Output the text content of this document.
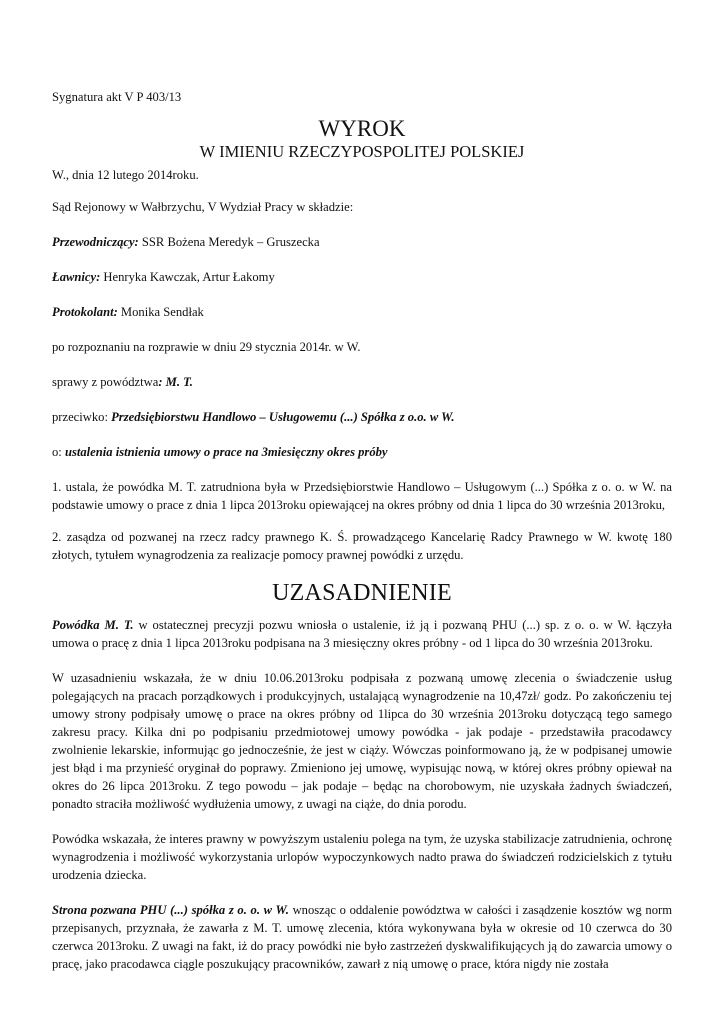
Sygnatura akt V P 403/13

WYROK
W IMIENIU RZECZYPOSPOLITEJ POLSKIEJ

W., dnia 12 lutego 2014roku.

Sąd Rejonowy w Wałbrzychu, V Wydział Pracy w składzie:

Przewodniczący: SSR Bożena Meredyk – Gruszecka

Ławnicy: Henryka Kawczak, Artur Łakomy

Protokolant: Monika Sendłak

po rozpoznaniu na rozprawie w dniu 29 stycznia 2014r. w W.

sprawy z powództwa: M. T.

przeciwko: Przedsiębiorstwu Handlowo – Usługowemu (...) Spółka z o.o. w W.

o: ustalenia istnienia umowy o prace na 3miesięczny okres próby

1. ustala, że powódka M. T. zatrudniona była w Przedsiębiorstwie Handlowo – Usługowym (...) Spółka z o. o. w W. na podstawie umowy o prace z dnia 1 lipca 2013roku opiewającej na okres próbny od dnia 1 lipca do 30 września 2013roku,

2. zasądza od pozwanej na rzecz radcy prawnego K. Ś. prowadzącego Kancelarię Radcy Prawnego w W. kwotę 180 złotych, tytułem wynagrodzenia za realizacje pomocy prawnej powódki z urzędu.

UZASADNIENIE

Powódka M. T. w ostatecznej precyzji pozwu wniosła o ustalenie, iż ją i pozwaną PHU (...) sp. z o. o. w W. łączyła umowa o pracę z dnia 1 lipca 2013roku podpisana na 3 miesięczny okres próbny - od 1 lipca do 30 września 2013roku.

W uzasadnieniu wskazała, że w dniu 10.06.2013roku podpisała z pozwaną umowę zlecenia o świadczenie usług polegających na pracach porządkowych i produkcyjnych, ustalającą wynagrodzenie na 10,47zł/ godz. Po zakończeniu tej umowy strony podpisały umowę o prace na okres próbny od 1lipca do 30 września 2013roku dotyczącą tego samego zakresu pracy. Kilka dni po podpisaniu przedmiotowej umowy powódka - jak podaje - przedstawiła pracodawcy zwolnienie lekarskie, informując go jednocześnie, że jest w ciąży. Wówczas poinformowano ją, że w podpisanej umowie jest błąd i ma przynieść oryginał do poprawy. Zmieniono jej umowę, wypisując nową, w której okres próbny opiewał na okres do 26 lipca 2013roku. Z tego powodu – jak podaje – będąc na chorobowym, nie uzyskała żadnych świadczeń, ponadto straciła możliwość wydłużenia umowy, z uwagi na ciąże, do dnia porodu.

Powódka wskazała, że interes prawny w powyższym ustaleniu polega na tym, że uzyska stabilizacje zatrudnienia, ochronę wynagrodzenia i możliwość wykorzystania urlopów wypoczynkowych nadto prawa do świadczeń rodzicielskich z tytułu urodzenia dziecka.

Strona pozwana PHU (...) spółka z o. o. w W. wnosząc o oddalenie powództwa w całości i zasądzenie kosztów wg norm przepisanych, przyznała, że zawarła z M. T. umowę zlecenia, która wykonywana była w okresie od 10 czerwca do 30 czerwca 2013roku. Z uwagi na fakt, iż do pracy powódki nie było zastrzeżeń dyskwalifikujących ją do zawarcia umowy o pracę, jako pracodawca ciągle poszukujący pracowników, zawarł z nią umowę o prace, która nigdy nie została
